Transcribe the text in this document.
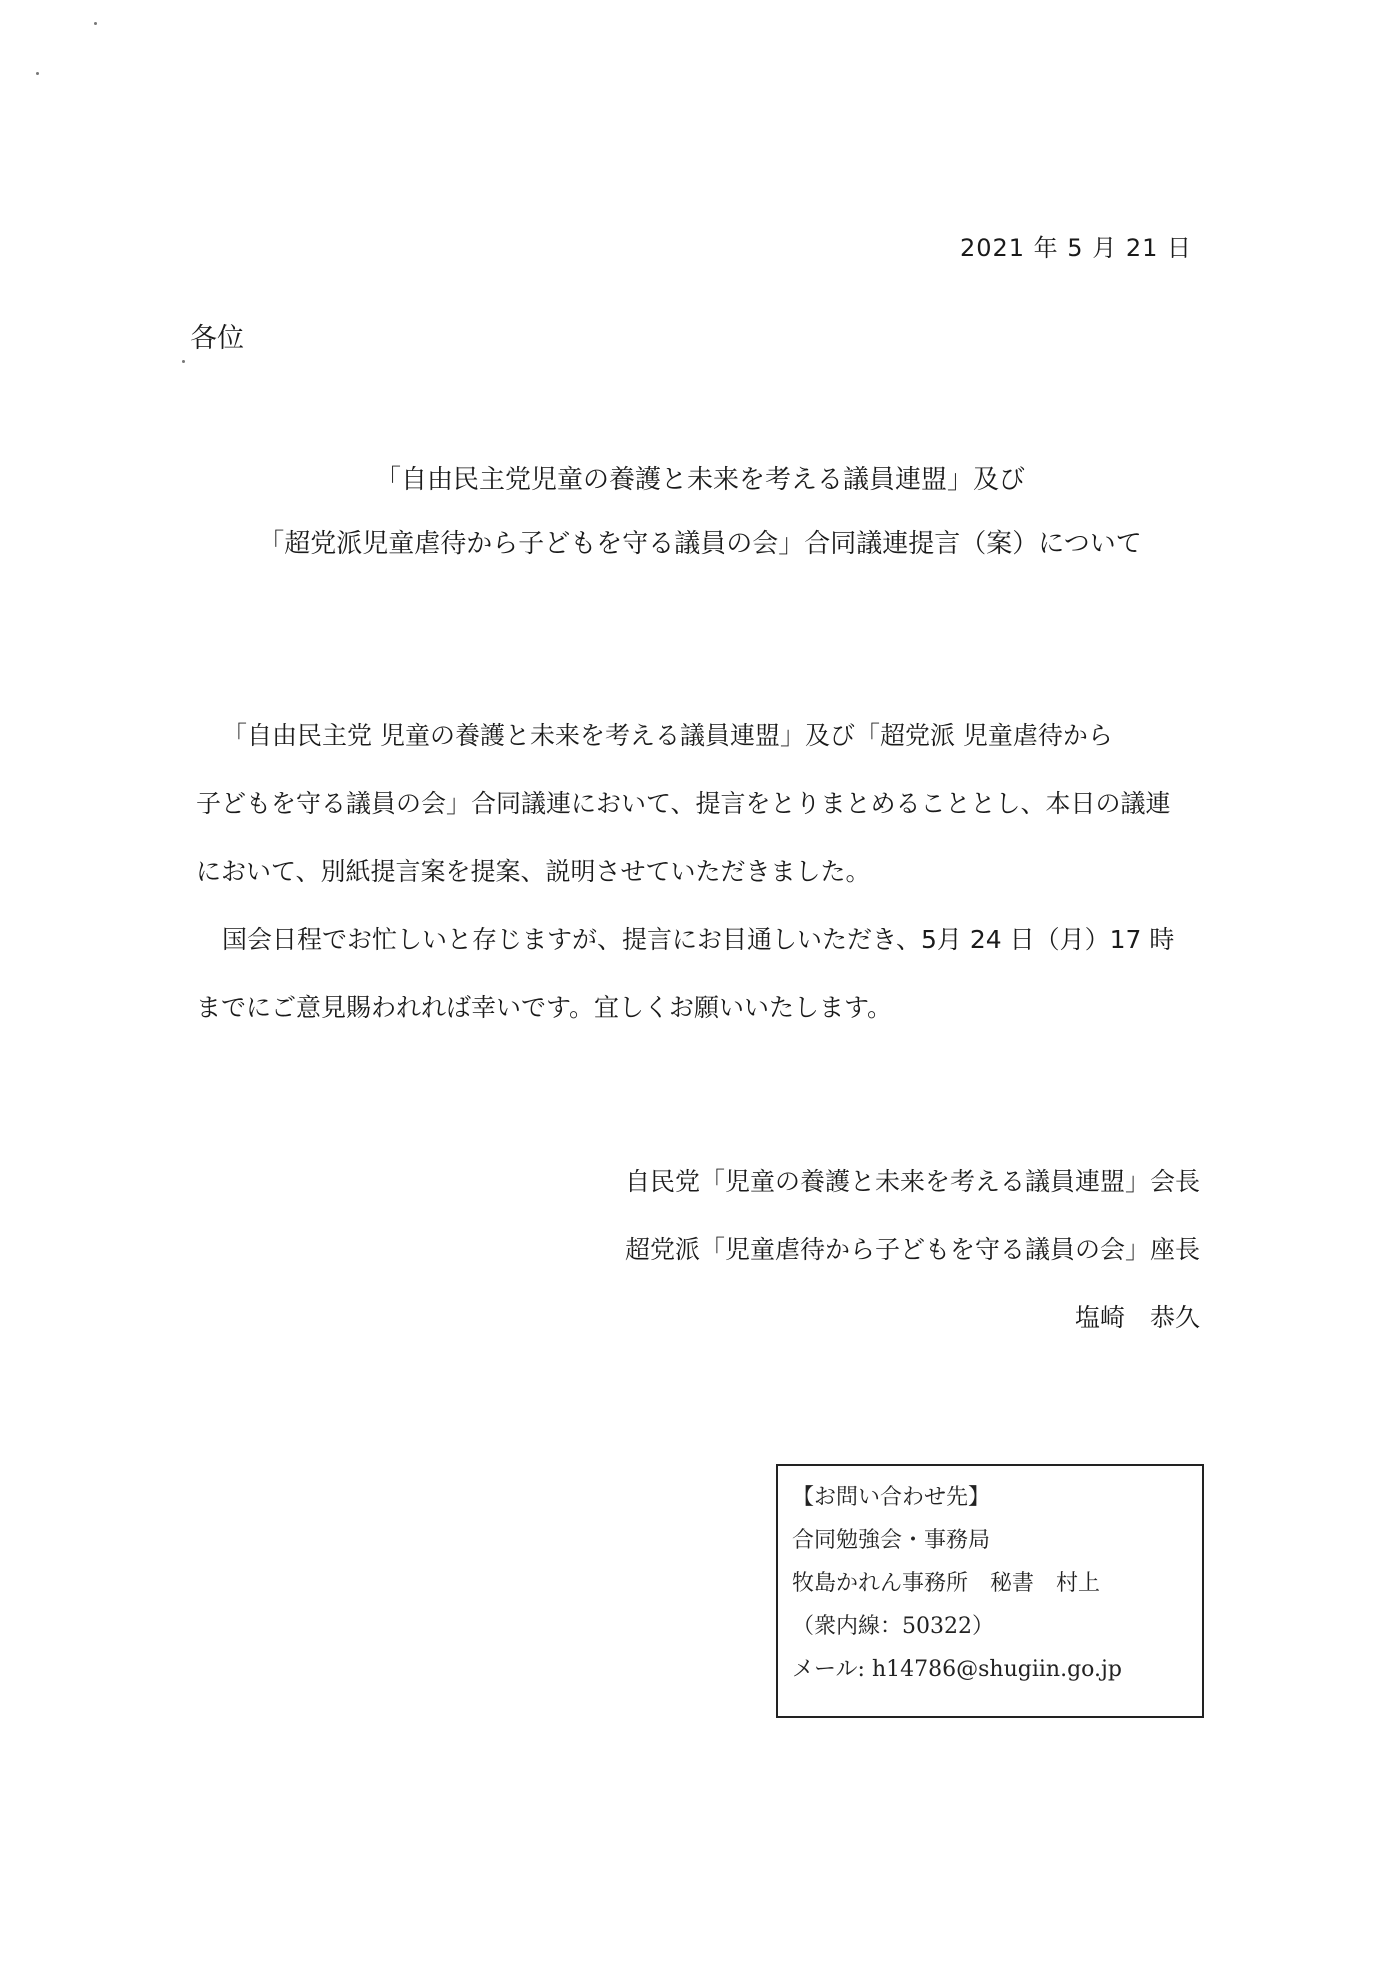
2021 年 5 月 21 日
各位
「自由民主党児童の養護と未来を考える議員連盟」及び
「超党派児童虐待から子どもを守る議員の会」合同議連提言（案）について
「自由民主党 児童の養護と未来を考える議員連盟」及び「超党派 児童虐待から
子どもを守る議員の会」合同議連において、提言をとりまとめることとし、本日の議連
において、別紙提言案を提案、説明させていただきました。
国会日程でお忙しいと存じますが、提言にお目通しいただき、5月 24 日（月）17 時
までにご意見賜われれば幸いです。宜しくお願いいたします。
自民党「児童の養護と未来を考える議員連盟」会長
超党派「児童虐待から子どもを守る議員の会」座長
塩崎　恭久
【お問い合わせ先】
合同勉強会・事務局
牧島かれん事務所　秘書　村上
（衆内線：50322）
メール: h14786@shugiin.go.jp
